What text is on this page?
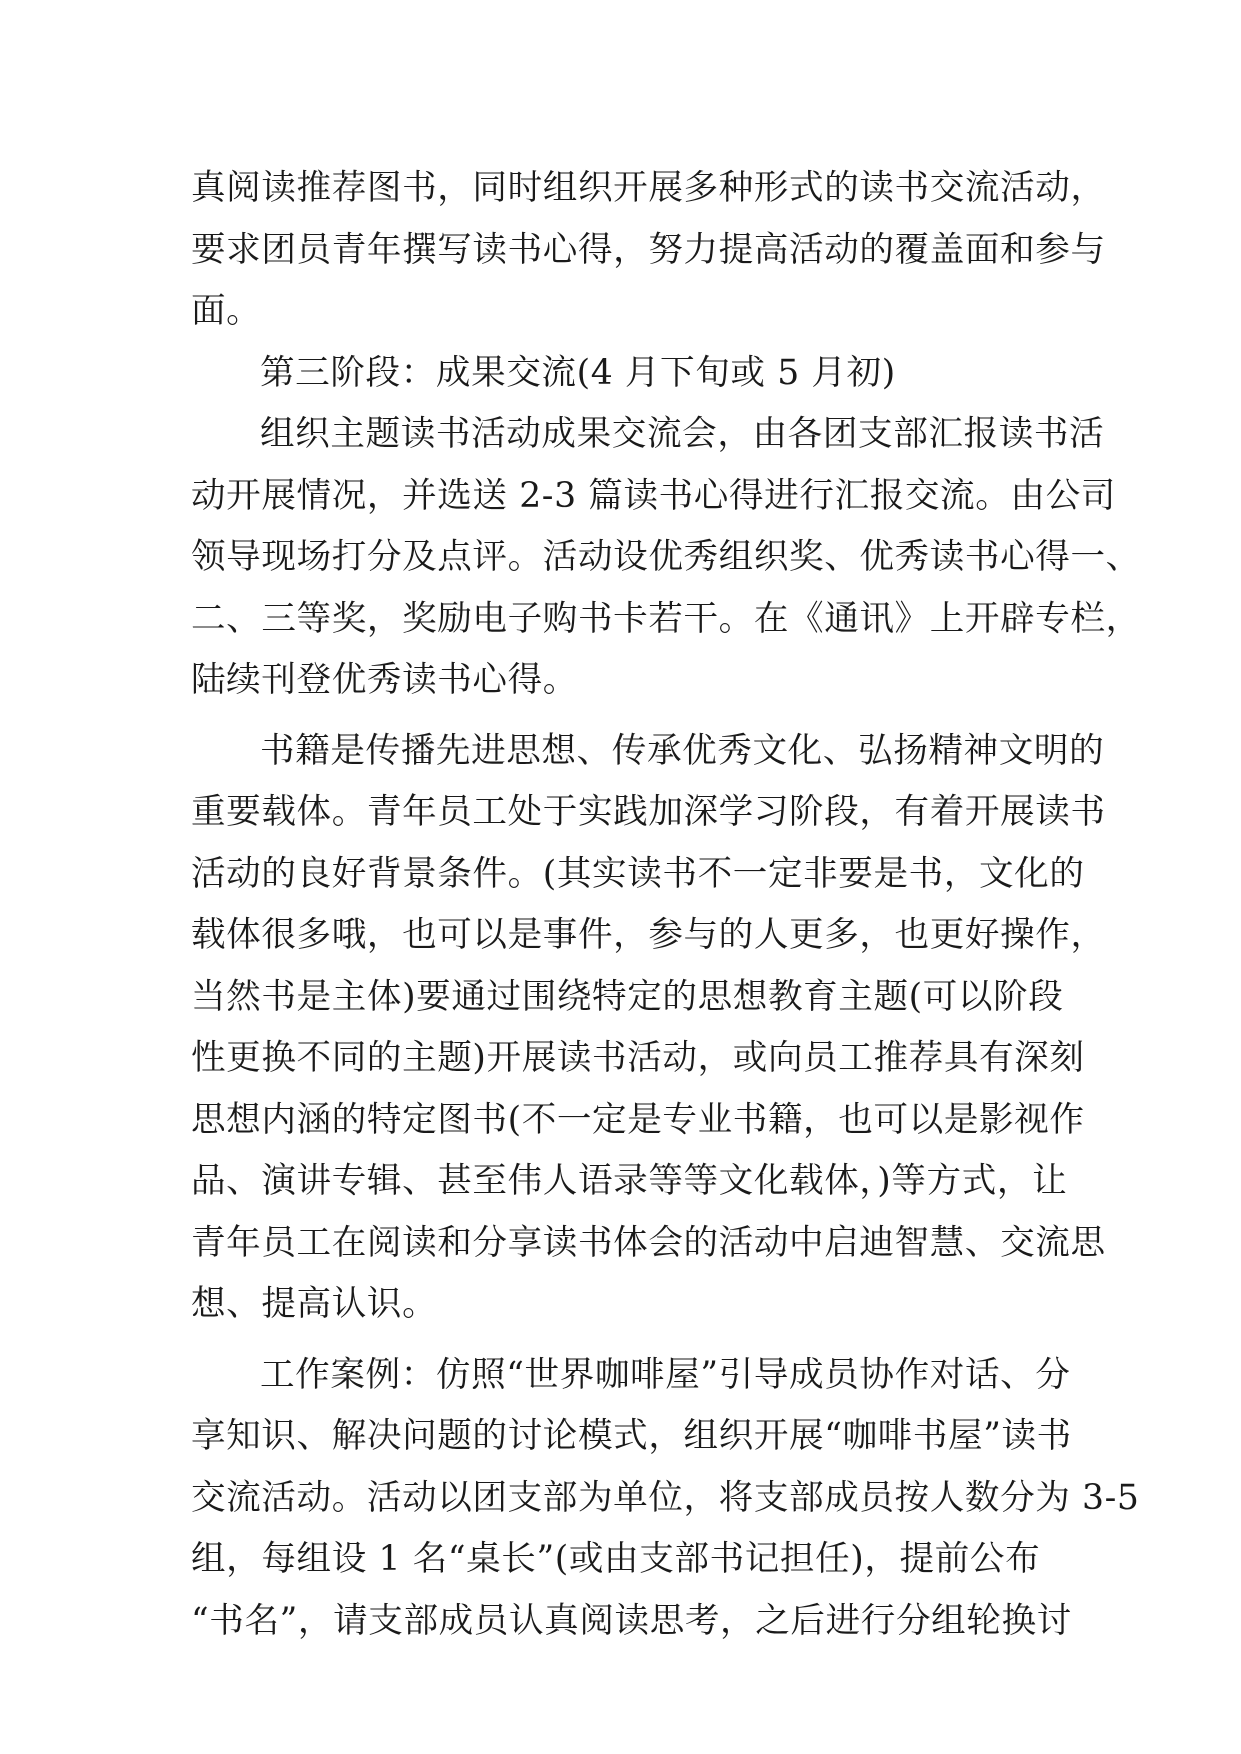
真阅读推荐图书，同时组织开展多种形式的读书交流活动，
要求团员青年撰写读书心得，努力提高活动的覆盖面和参与
面。
第三阶段：成果交流(4 月下旬或 5 月初)
组织主题读书活动成果交流会，由各团支部汇报读书活
动开展情况，并选送 2-3 篇读书心得进行汇报交流。由公司
领导现场打分及点评。活动设优秀组织奖、优秀读书心得一、
二、三等奖，奖励电子购书卡若干。在《通讯》上开辟专栏，
陆续刊登优秀读书心得。
书籍是传播先进思想、传承优秀文化、弘扬精神文明的
重要载体。青年员工处于实践加深学习阶段，有着开展读书
活动的良好背景条件。(其实读书不一定非要是书，文化的
载体很多哦，也可以是事件，参与的人更多，也更好操作，
当然书是主体)要通过围绕特定的思想教育主题(可以阶段
性更换不同的主题)开展读书活动，或向员工推荐具有深刻
思想内涵的特定图书(不一定是专业书籍，也可以是影视作
品、演讲专辑、甚至伟人语录等等文化载体，)等方式，让
青年员工在阅读和分享读书体会的活动中启迪智慧、交流思
想、提高认识。
工作案例：仿照“世界咖啡屋”引导成员协作对话、分
享知识、解决问题的讨论模式，组织开展“咖啡书屋”读书
交流活动。活动以团支部为单位，将支部成员按人数分为 3-5
组，每组设 1 名“桌长”(或由支部书记担任)，提前公布
“书名”，请支部成员认真阅读思考，之后进行分组轮换讨
